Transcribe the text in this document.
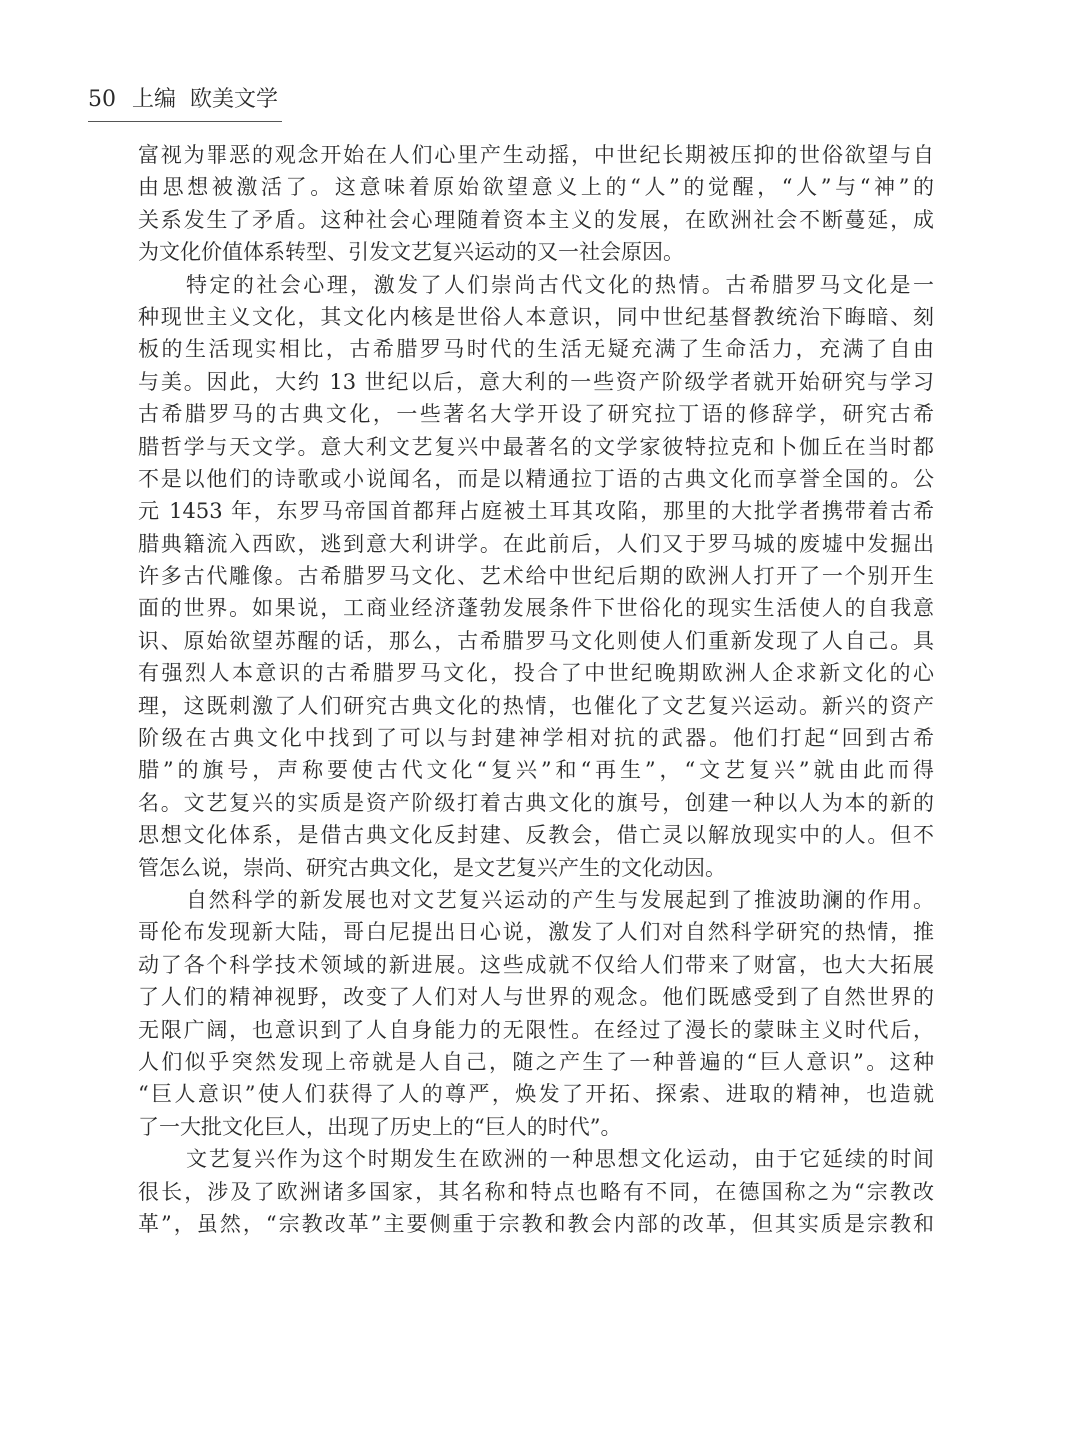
50 上编 欧美文学
富视为罪恶的观念开始在人们心里产生动摇，中世纪长期被压抑的世俗欲望与自
由思想被激活了。这意味着原始欲望意义上的“人”的觉醒，“人”与“神”的
关系发生了矛盾。这种社会心理随着资本主义的发展，在欧洲社会不断蔓延，成
为文化价值体系转型、引发文艺复兴运动的又一社会原因。
特定的社会心理，激发了人们崇尚古代文化的热情。古希腊罗马文化是一
种现世主义文化，其文化内核是世俗人本意识，同中世纪基督教统治下晦暗、刻
板的生活现实相比，古希腊罗马时代的生活无疑充满了生命活力，充满了自由
与美。因此，大约 13 世纪以后，意大利的一些资产阶级学者就开始研究与学习
古希腊罗马的古典文化，一些著名大学开设了研究拉丁语的修辞学，研究古希
腊哲学与天文学。意大利文艺复兴中最著名的文学家彼特拉克和卜伽丘在当时都
不是以他们的诗歌或小说闻名，而是以精通拉丁语的古典文化而享誉全国的。公
元 1453 年，东罗马帝国首都拜占庭被土耳其攻陷，那里的大批学者携带着古希
腊典籍流入西欧，逃到意大利讲学。在此前后，人们又于罗马城的废墟中发掘出
许多古代雕像。古希腊罗马文化、艺术给中世纪后期的欧洲人打开了一个别开生
面的世界。如果说，工商业经济蓬勃发展条件下世俗化的现实生活使人的自我意
识、原始欲望苏醒的话，那么，古希腊罗马文化则使人们重新发现了人自己。具
有强烈人本意识的古希腊罗马文化，投合了中世纪晚期欧洲人企求新文化的心
理，这既刺激了人们研究古典文化的热情，也催化了文艺复兴运动。新兴的资产
阶级在古典文化中找到了可以与封建神学相对抗的武器。他们打起“回到古希
腊”的旗号，声称要使古代文化“复兴”和“再生”，“文艺复兴”就由此而得
名。文艺复兴的实质是资产阶级打着古典文化的旗号，创建一种以人为本的新的
思想文化体系，是借古典文化反封建、反教会，借亡灵以解放现实中的人。但不
管怎么说，崇尚、研究古典文化，是文艺复兴产生的文化动因。
自然科学的新发展也对文艺复兴运动的产生与发展起到了推波助澜的作用。
哥伦布发现新大陆，哥白尼提出日心说，激发了人们对自然科学研究的热情，推
动了各个科学技术领域的新进展。这些成就不仅给人们带来了财富，也大大拓展
了人们的精神视野，改变了人们对人与世界的观念。他们既感受到了自然世界的
无限广阔，也意识到了人自身能力的无限性。在经过了漫长的蒙昧主义时代后，
人们似乎突然发现上帝就是人自己，随之产生了一种普遍的“巨人意识”。这种
“巨人意识”使人们获得了人的尊严，焕发了开拓、探索、进取的精神，也造就
了一大批文化巨人，出现了历史上的“巨人的时代”。
文艺复兴作为这个时期发生在欧洲的一种思想文化运动，由于它延续的时间
很长，涉及了欧洲诸多国家，其名称和特点也略有不同，在德国称之为“宗教改
革”，虽然，“宗教改革”主要侧重于宗教和教会内部的改革，但其实质是宗教和
